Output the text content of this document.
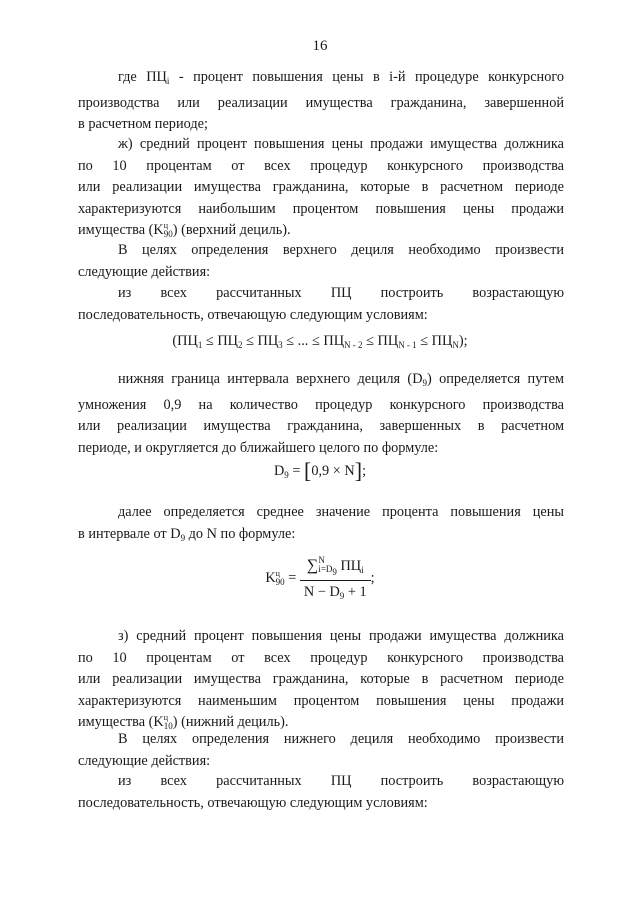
16
где $ПЦ_i$ - процент повышения цены в i-й процедуре конкурсного
производства или реализации имущества гражданина, завершенной
в расчетном периоде;
ж) средний процент повышения цены продажи имущества должника
по 10 процентам от всех процедур конкурсного производства
или реализации имущества гражданина, которые в расчетном периоде
характеризуются наибольшим процентом повышения цены продажи
имущества (K ц
90 ) (верхний дециль).
В целях определения верхнего дециля необходимо произвести
следующие действия:
из всех рассчитанных ПЦ построить возрастающую
последовательность, отвечающую следующим условиям:
($ПЦ_1 \le ПЦ_2 \le ПЦ_3$ ≤ ... ≤ $ПЦ_{N - 2} \le ПЦ_{N - 1} \le ПЦ_N$);
нижняя граница интервала верхнего дециля $(D_9)$ определяется путем
умножения 0,9 на количество процедур конкурсного производства
или реализации имущества гражданина, завершенных в расчетном
периоде, и округляется до ближайшего целого по формуле:
$D_9 = [0,9 \times N]$;
далее определяется среднее значение процента повышения цены
в интервале от $D_9$ до N по формуле:
K ц
90 = ∑ N
$i=D_9$ $ПЦ_i$
$N - D_9 + 1$ ;
з) средний процент повышения цены продажи имущества должника
по 10 процентам от всех процедур конкурсного производства
или реализации имущества гражданина, которые в расчетном периоде
характеризуются наименьшим процентом повышения цены продажи
имущества (K ц
10 ) (нижний дециль).
В целях определения нижнего дециля необходимо произвести
следующие действия:
из всех рассчитанных ПЦ построить возрастающую
последовательность, отвечающую следующим условиям:
